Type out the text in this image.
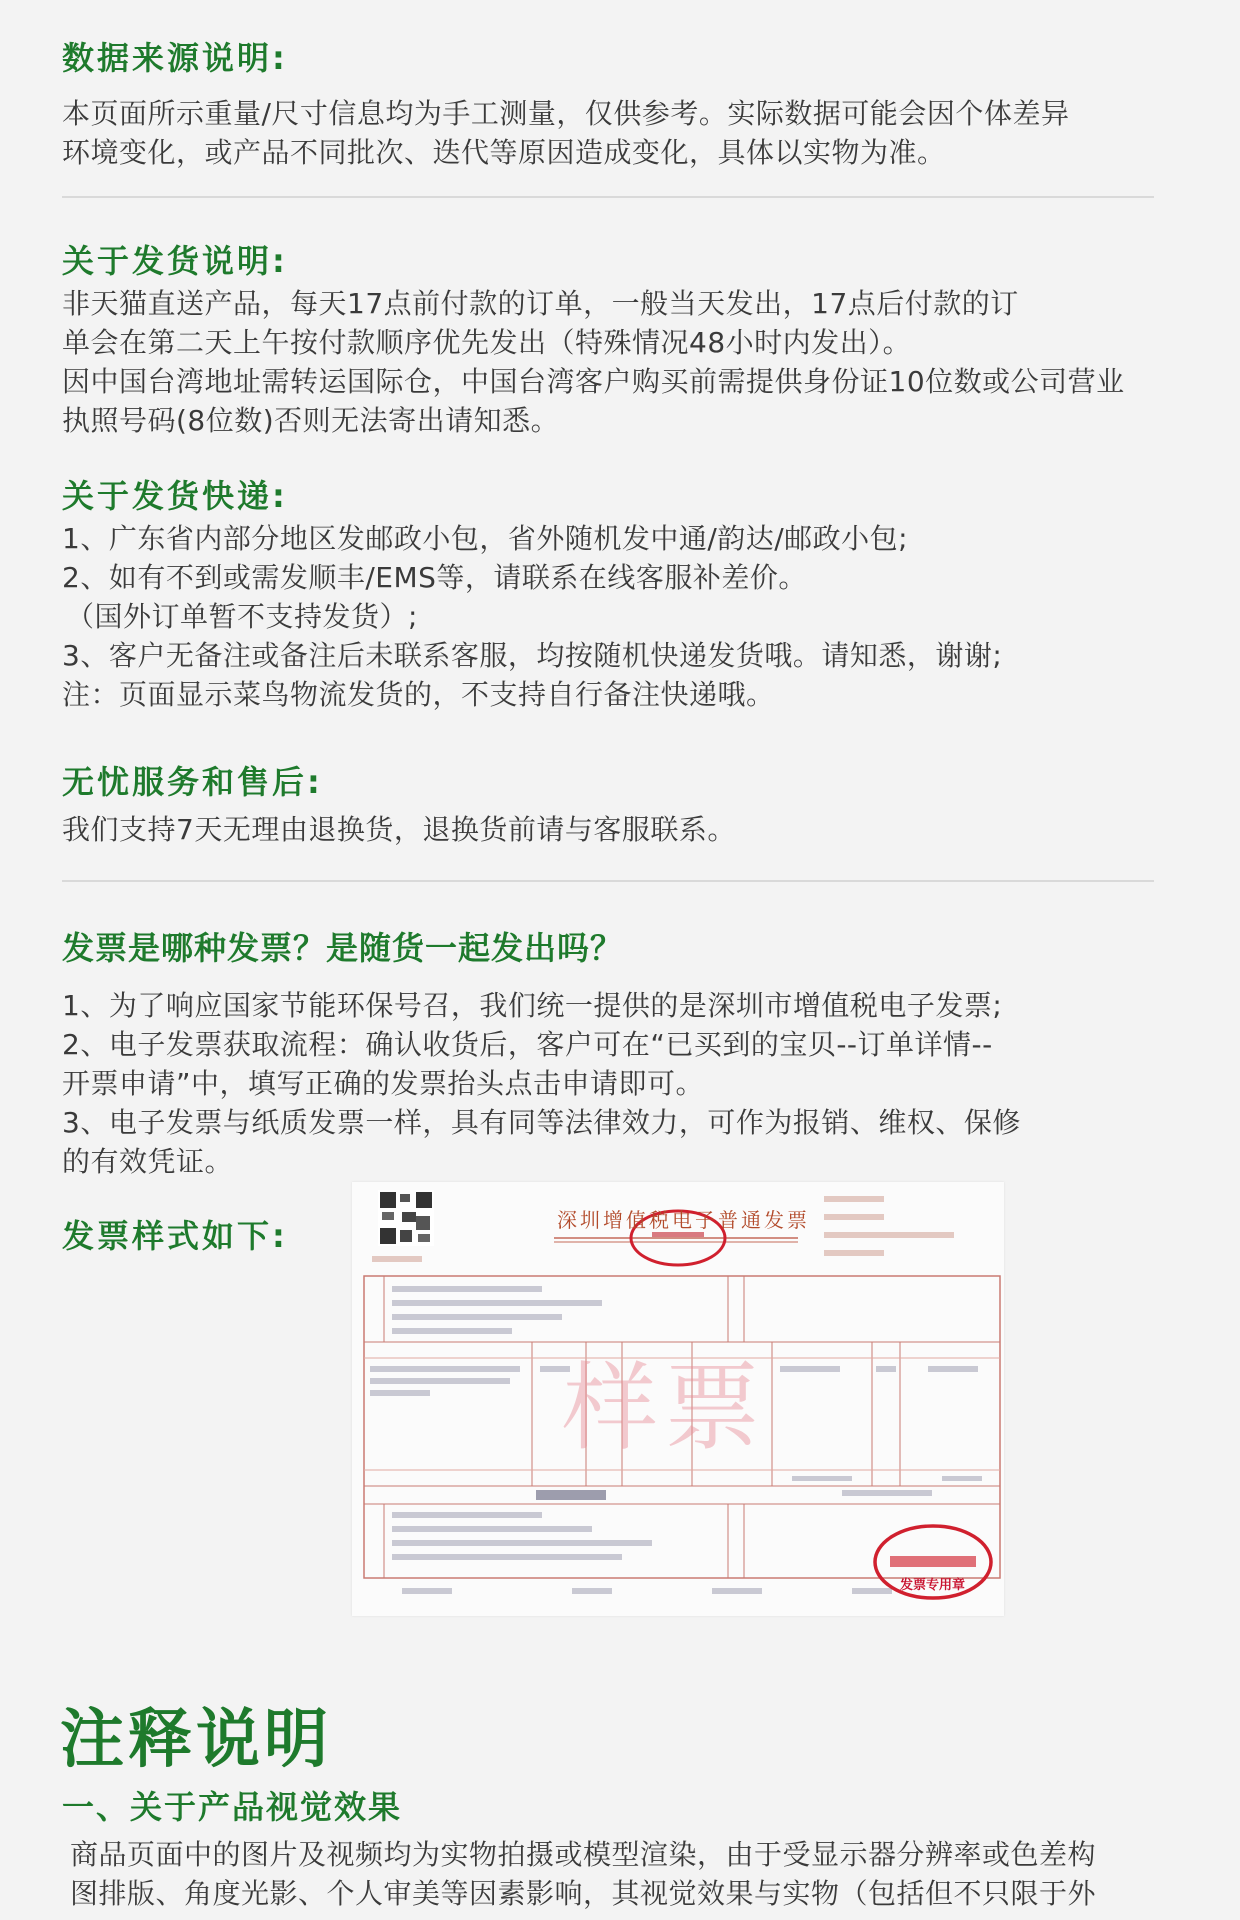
数据来源说明:

本页面所示重量/尺寸信息均为手工测量，仅供参考。实际数据可能会因个体差异

环境变化，或产品不同批次、迭代等原因造成变化，具体以实物为准。

关于发货说明:

非天猫直送产品，每天17点前付款的订单，一般当天发出，17点后付款的订

单会在第二天上午按付款顺序优先发出（特殊情况48小时内发出）。

因中国台湾地址需转运国际仓，中国台湾客户购买前需提供身份证10位数或公司营业

执照号码(8位数)否则无法寄出请知悉。

关于发货快递:

1、广东省内部分地区发邮政小包，省外随机发中通/韵达/邮政小包;

2、如有不到或需发顺丰/EMS等，请联系在线客服补差价。

（国外订单暂不支持发货）;

3、客户无备注或备注后未联系客服，均按随机快递发货哦。请知悉，谢谢;

注：页面显示菜鸟物流发货的，不支持自行备注快递哦。

无忧服务和售后:

我们支持7天无理由退换货，退换货前请与客服联系。

发票是哪种发票？是随货一起发出吗？

1、为了响应国家节能环保号召，我们统一提供的是深圳市增值税电子发票;

2、电子发票获取流程：确认收货后，客户可在“已买到的宝贝--订单详情--

开票申请”中，填写正确的发票抬头点击申请即可。

3、电子发票与纸质发票一样，具有同等法律效力，可作为报销、维权、保修

的有效凭证。

发票样式如下:	深圳增值税电子普通发票
样票
发票专用章
注释说明
一、关于产品视觉效果

商品页面中的图片及视频均为实物拍摄或模型渲染，由于受显示器分辨率或色差构

图排版、角度光影、个人审美等因素影响，其视觉效果与实物（包括但不只限于外
